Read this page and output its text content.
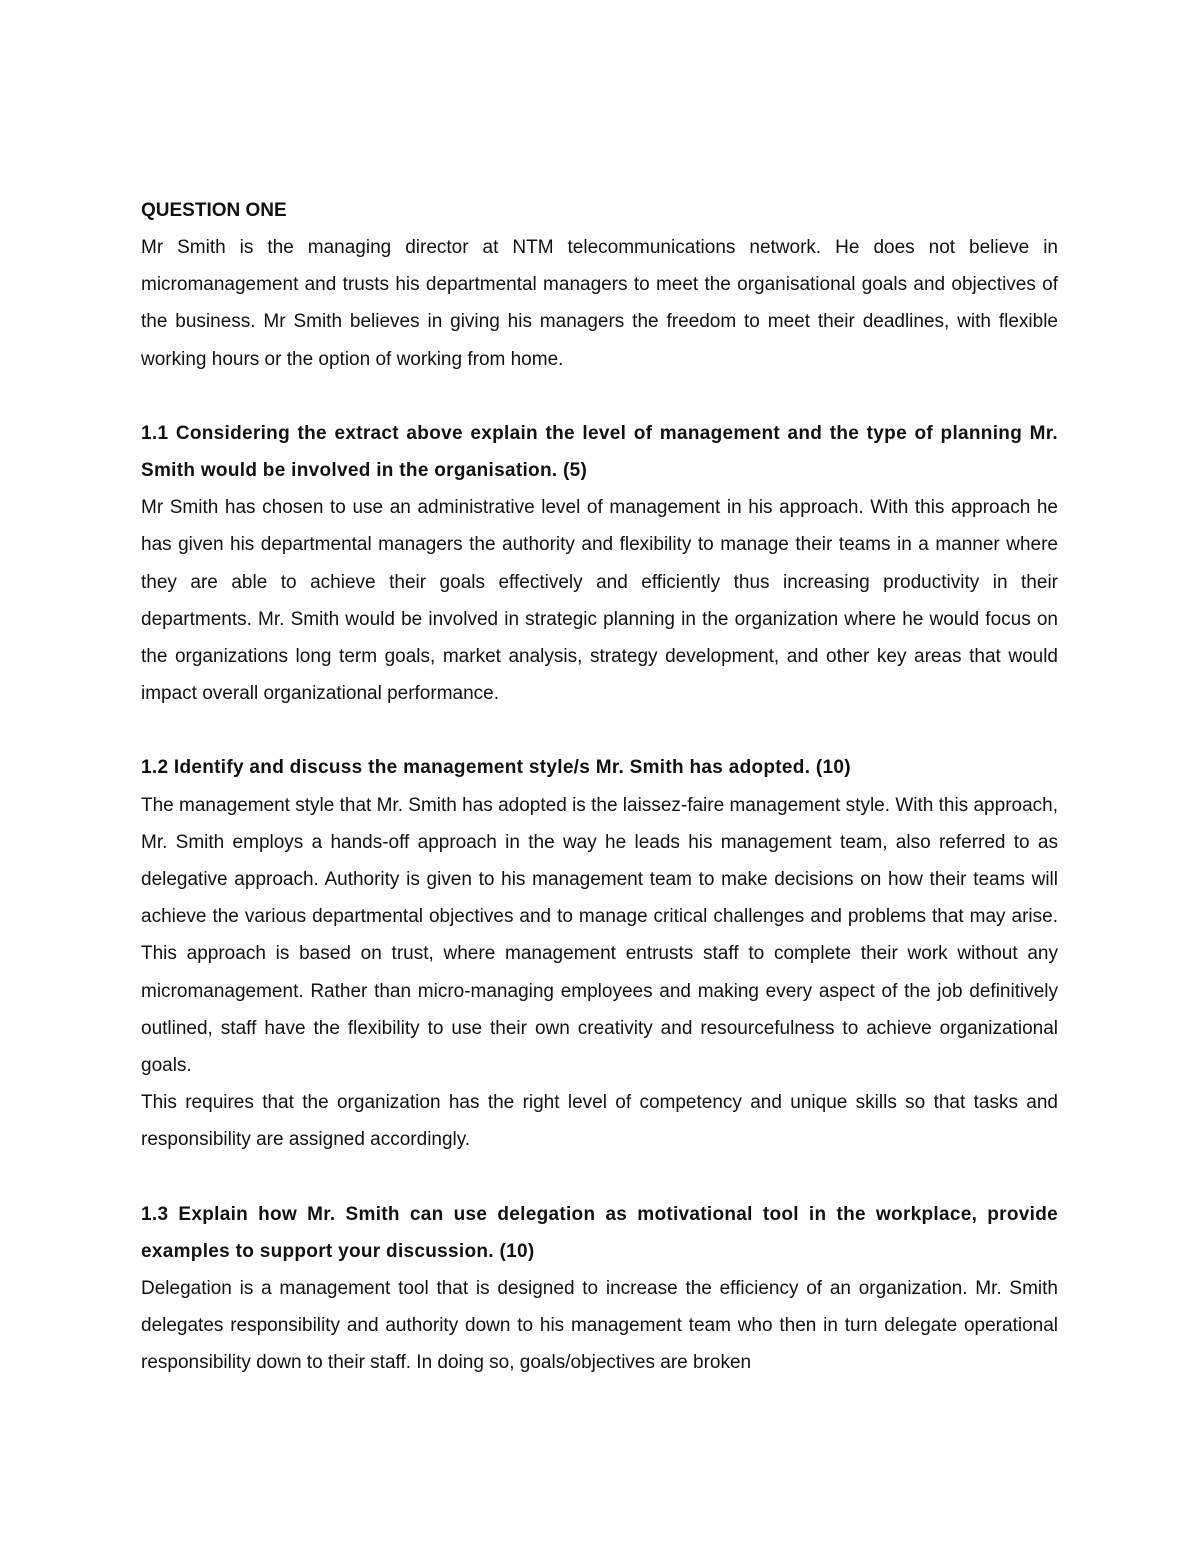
QUESTION ONE

Mr Smith is the managing director at NTM telecommunications network. He does not believe in micromanagement and trusts his departmental managers to meet the organisational goals and objectives of the business. Mr Smith believes in giving his managers the freedom to meet their deadlines, with flexible working hours or the option of working from home.

1.1 Considering the extract above explain the level of management and the type of planning Mr. Smith would be involved in the organisation. (5)

Mr Smith has chosen to use an administrative level of management in his approach. With this approach he has given his departmental managers the authority and flexibility to manage their teams in a manner where they are able to achieve their goals effectively and efficiently thus increasing productivity in their departments. Mr. Smith would be involved in strategic planning in the organization where he would focus on the organizations long term goals, market analysis, strategy development, and other key areas that would impact overall organizational performance.

1.2 Identify and discuss the management style/s Mr. Smith has adopted. (10)

The management style that Mr. Smith has adopted is the laissez-faire management style. With this approach, Mr. Smith employs a hands-off approach in the way he leads his management team, also referred to as delegative approach. Authority is given to his management team to make decisions on how their teams will achieve the various departmental objectives and to manage critical challenges and problems that may arise. This approach is based on trust, where management entrusts staff to complete their work without any micromanagement. Rather than micro-managing employees and making every aspect of the job definitively outlined, staff have the flexibility to use their own creativity and resourcefulness to achieve organizational goals.

This requires that the organization has the right level of competency and unique skills so that tasks and responsibility are assigned accordingly.

1.3 Explain how Mr. Smith can use delegation as motivational tool in the workplace, provide examples to support your discussion. (10)

Delegation is a management tool that is designed to increase the efficiency of an organization. Mr. Smith delegates responsibility and authority down to his management team who then in turn delegate operational responsibility down to their staff. In doing so, goals/objectives are broken
